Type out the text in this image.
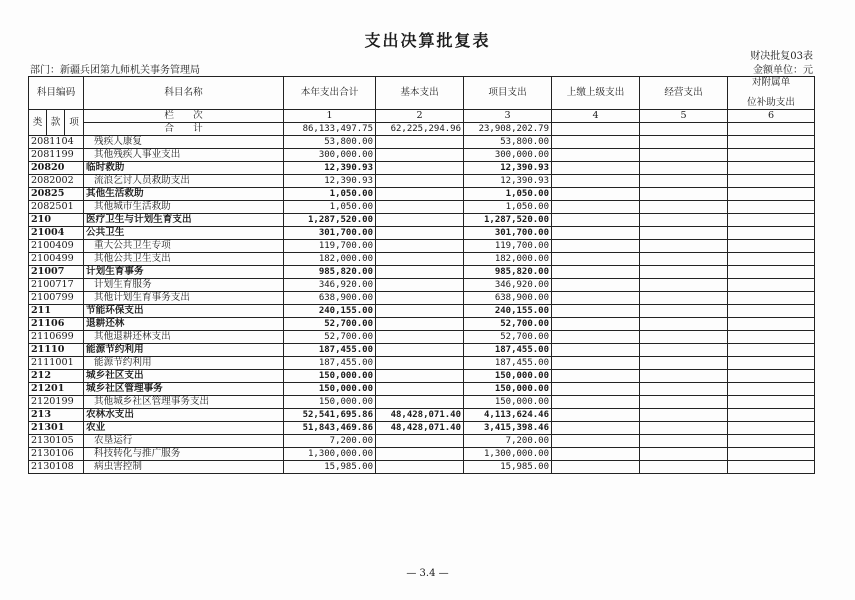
支出决算批复表
财决批复03表
部门：新疆兵团第九师机关事务管理局	金额单位：元
科目编码			科目名称	本年支出合计	基本支出	项目支出	上缴上级支出	经营支出	对附属单
位补助支出

类	款	项	栏　　次	1	2	3	4	5	6
			合　　计	86,133,497.75	62,225,294.96	23,908,202.79			
2081104			残疾人康复	53,800.00		53,800.00			
2081199			其他残疾人事业支出	300,000.00		300,000.00			
20820			临时救助	12,390.93		12,390.93			
2082002			流浪乞讨人员救助支出	12,390.93		12,390.93			
20825			其他生活救助	1,050.00		1,050.00			
2082501			其他城市生活救助	1,050.00		1,050.00			
210			医疗卫生与计划生育支出	1,287,520.00		1,287,520.00			
21004			公共卫生	301,700.00		301,700.00			
2100409			重大公共卫生专项	119,700.00		119,700.00			
2100499			其他公共卫生支出	182,000.00		182,000.00			
21007			计划生育事务	985,820.00		985,820.00			
2100717			计划生育服务	346,920.00		346,920.00			
2100799			其他计划生育事务支出	638,900.00		638,900.00			
211			节能环保支出	240,155.00		240,155.00			
21106			退耕还林	52,700.00		52,700.00			
2110699			其他退耕还林支出	52,700.00		52,700.00			
21110			能源节约利用	187,455.00		187,455.00			
2111001			能源节约利用	187,455.00		187,455.00			
212			城乡社区支出	150,000.00		150,000.00			
21201			城乡社区管理事务	150,000.00		150,000.00			
2120199			其他城乡社区管理事务支出	150,000.00		150,000.00			
213			农林水支出	52,541,695.86	48,428,071.40	4,113,624.46			
21301			农业	51,843,469.86	48,428,071.40	3,415,398.46			
2130105			农垦运行	7,200.00		7,200.00			
2130106			科技转化与推广服务	1,300,000.00		1,300,000.00			
2130108			病虫害控制	15,985.00		15,985.00			
— 3.4 —
